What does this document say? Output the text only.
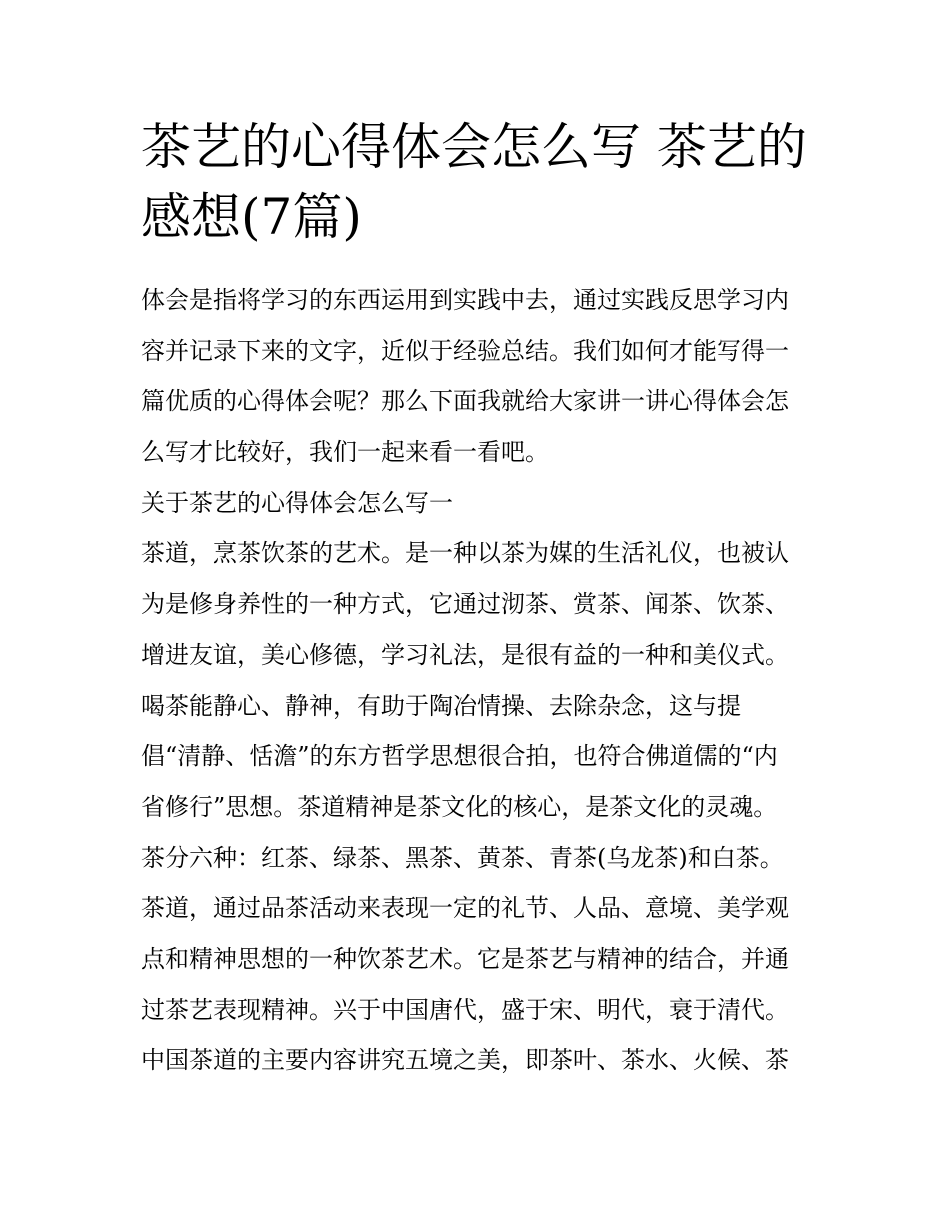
茶艺的心得体会怎么写 茶艺的
感想(7篇)
体会是指将学习的东西运用到实践中去，通过实践反思学习内
容并记录下来的文字，近似于经验总结。我们如何才能写得一
篇优质的心得体会呢？那么下面我就给大家讲一讲心得体会怎
么写才比较好，我们一起来看一看吧。
关于茶艺的心得体会怎么写一
茶道，烹茶饮茶的艺术。是一种以茶为媒的生活礼仪，也被认
为是修身养性的一种方式，它通过沏茶、赏茶、闻茶、饮茶、
增进友谊，美心修德，学习礼法，是很有益的一种和美仪式。
喝茶能静心、静神，有助于陶冶情操、去除杂念，这与提
倡“清静、恬澹”的东方哲学思想很合拍，也符合佛道儒的“内
省修行”思想。茶道精神是茶文化的核心，是茶文化的灵魂。
茶分六种：红茶、绿茶、黑茶、黄茶、青茶(乌龙茶)和白茶。
茶道，通过品茶活动来表现一定的礼节、人品、意境、美学观
点和精神思想的一种饮茶艺术。它是茶艺与精神的结合，并通
过茶艺表现精神。兴于中国唐代，盛于宋、明代，衰于清代。
中国茶道的主要内容讲究五境之美，即茶叶、茶水、火候、茶
